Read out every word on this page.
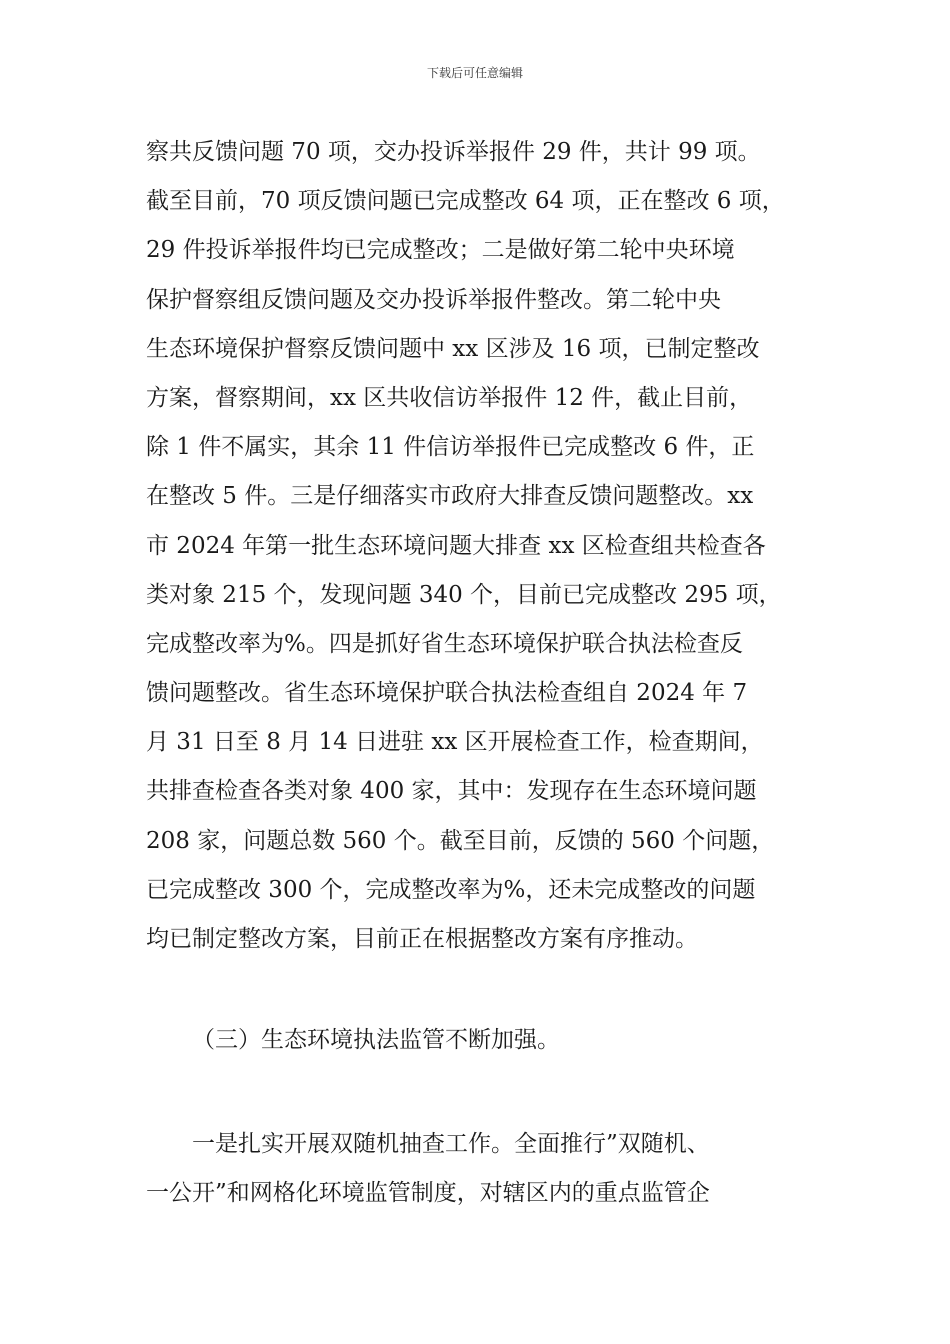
下载后可任意编辑
察共反馈问题 70 项，交办投诉举报件 29 件，共计 99 项。
截至目前，70 项反馈问题已完成整改 64 项，正在整改 6 项，
29 件投诉举报件均已完成整改；二是做好第二轮中央环境
保护督察组反馈问题及交办投诉举报件整改。第二轮中央
生态环境保护督察反馈问题中 xx 区涉及 16 项，已制定整改
方案，督察期间，xx 区共收信访举报件 12 件，截止目前，
除 1 件不属实，其余 11 件信访举报件已完成整改 6 件，正
在整改 5 件。三是仔细落实市政府大排查反馈问题整改。xx
市 2024 年第一批生态环境问题大排查 xx 区检查组共检查各
类对象 215 个，发现问题 340 个，目前已完成整改 295 项，
完成整改率为%。四是抓好省生态环境保护联合执法检查反
馈问题整改。省生态环境保护联合执法检查组自 2024 年 7
月 31 日至 8 月 14 日进驻 xx 区开展检查工作，检查期间，
共排查检查各类对象 400 家，其中：发现存在生态环境问题
208 家，问题总数 560 个。截至目前，反馈的 560 个问题，
已完成整改 300 个，完成整改率为%，还未完成整改的问题
均已制定整改方案，目前正在根据整改方案有序推动。
（三）生态环境执法监管不断加强。
一是扎实开展双随机抽查工作。全面推行”双随机、
一公开”和网格化环境监管制度，对辖区内的重点监管企
